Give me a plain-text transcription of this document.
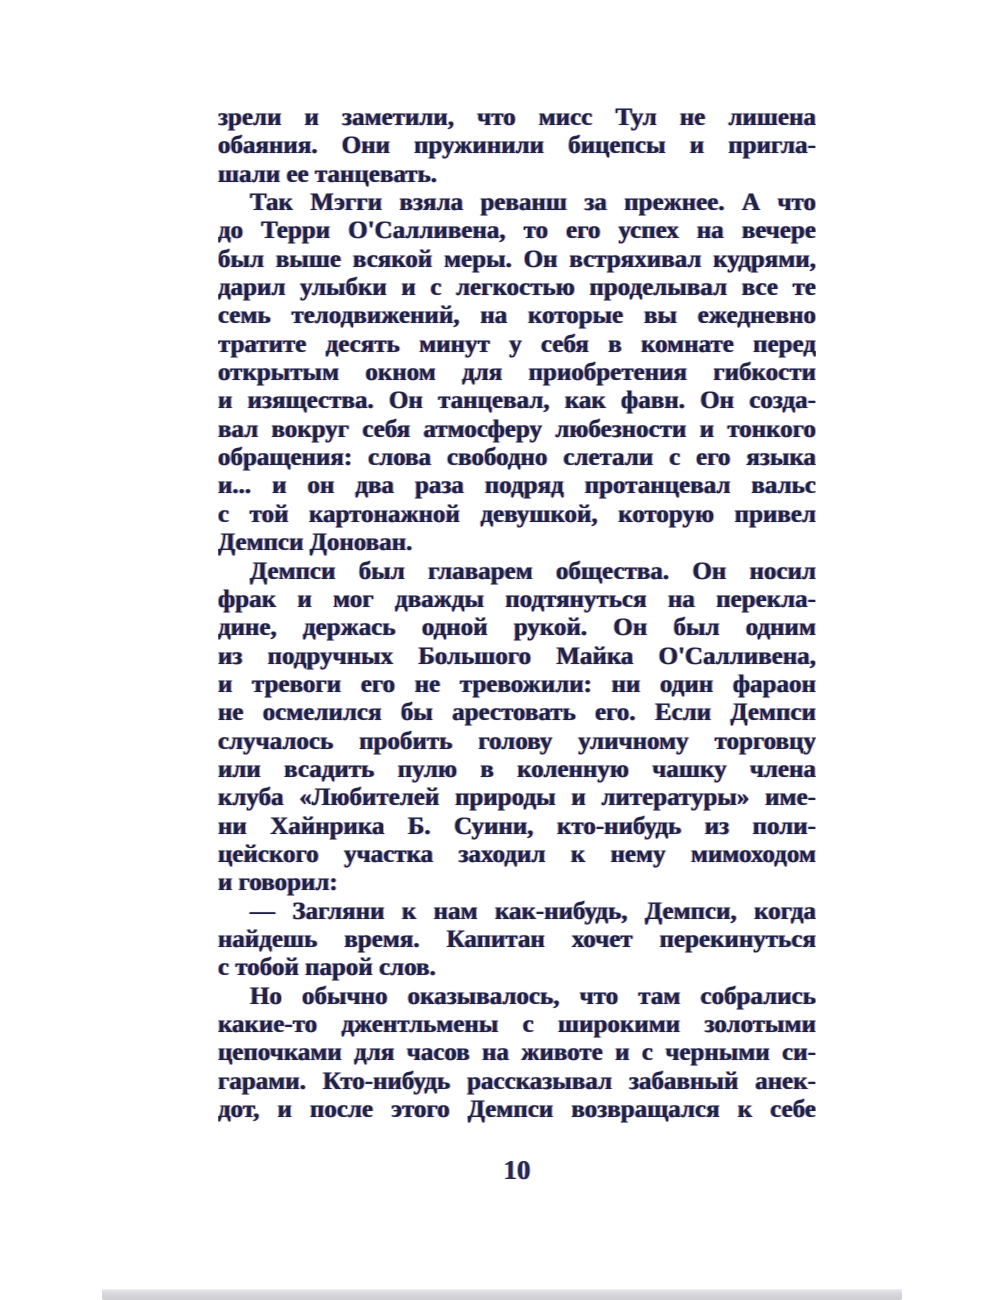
зрели и заметили, что мисс Тул не лишена
обаяния. Они пружинили бицепсы и пригла-
шали ее танцевать.
Так Мэгги взяла реванш за прежнее. А что
до Терри О'Салливена, то его успех на вечере
был выше всякой меры. Он встряхивал кудрями,
дарил улыбки и с легкостью проделывал все те
семь телодвижений, на которые вы ежедневно
тратите десять минут у себя в комнате перед
открытым окном для приобретения гибкости
и изящества. Он танцевал, как фавн. Он созда-
вал вокруг себя атмосферу любезности и тонкого
обращения: слова свободно слетали с его языка
и... и он два раза подряд протанцевал вальс
с той картонажной девушкой, которую привел
Демпси Донован.
Демпси был главарем общества. Он носил
фрак и мог дважды подтянуться на перекла-
дине, держась одной рукой. Он был одним
из подручных Большого Майка О'Салливена,
и тревоги его не тревожили: ни один фараон
не осмелился бы арестовать его. Если Демпси
случалось пробить голову уличному торговцу
или всадить пулю в коленную чашку члена
клуба «Любителей природы и литературы» име-
ни Хайнрика Б. Суини, кто-нибудь из поли-
цейского участка заходил к нему мимоходом
и говорил:
— Загляни к нам как-нибудь, Демпси, когда
найдешь время. Капитан хочет перекинуться
с тобой парой слов.
Но обычно оказывалось, что там собрались
какие-то джентльмены с широкими золотыми
цепочками для часов на животе и с черными си-
гарами. Кто-нибудь рассказывал забавный анек-
дот, и после этого Демпси возвращался к себе
10
